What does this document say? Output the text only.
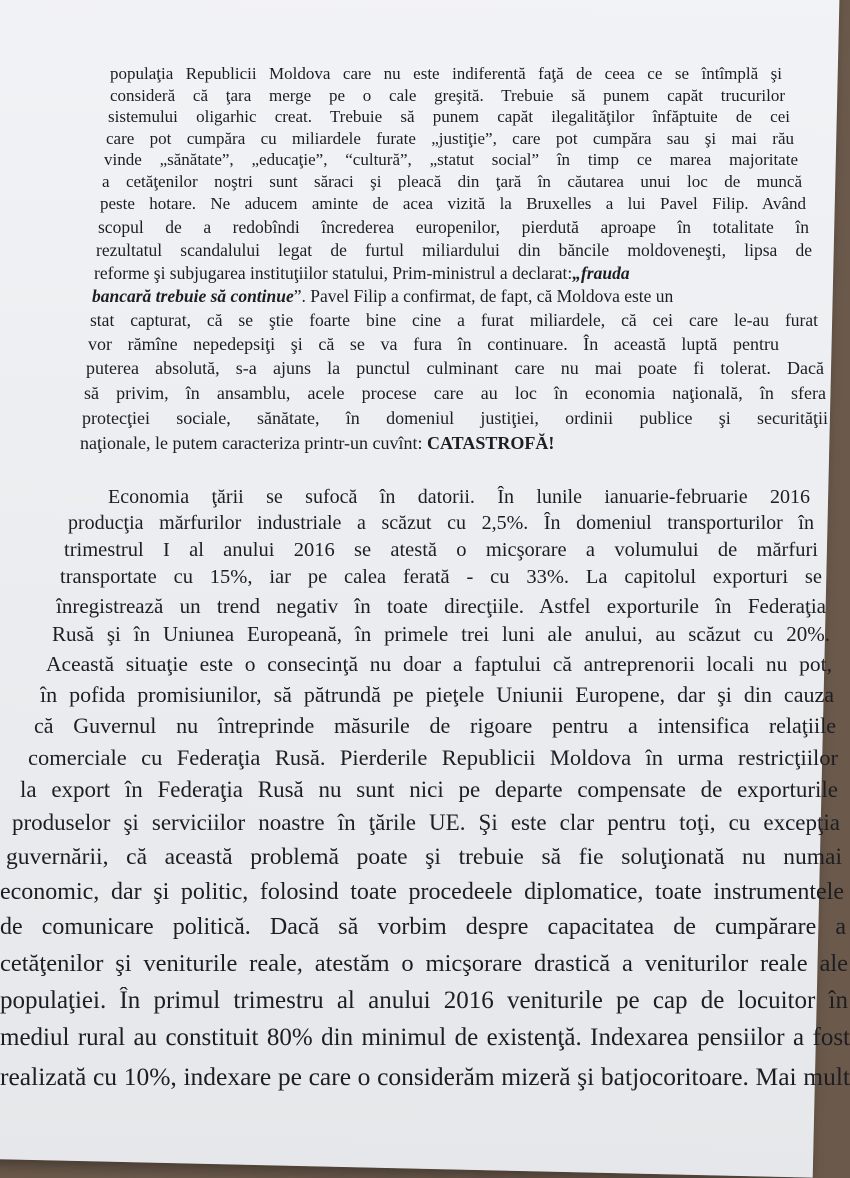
populaţia Republicii Moldova care nu este indiferentă faţă de ceea ce se întîmplă şi
consideră că ţara merge pe o cale greşită. Trebuie să punem capăt trucurilor
sistemului oligarhic creat. Trebuie să punem capăt ilegalităţilor înfăptuite de cei
care pot cumpăra cu miliardele furate „justiţie”, care pot cumpăra sau şi mai rău
vinde „sănătate”, „educaţie”, “cultură”, „statut social” în timp ce marea majoritate
a cetăţenilor noştri sunt săraci şi pleacă din ţară în căutarea unui loc de muncă
peste hotare. Ne aducem aminte de acea vizită la Bruxelles a lui Pavel Filip. Având
scopul de a redobîndi încrederea europenilor, pierdută aproape în totalitate în
rezultatul scandalului legat de furtul miliardului din băncile moldoveneşti, lipsa de
reforme şi subjugarea instituţiilor statului, Prim-ministrul a declarat:„frauda
bancară trebuie să continue”. Pavel Filip a confirmat, de fapt, că Moldova este un
stat capturat, că se ştie foarte bine cine a furat miliardele, că cei care le-au furat
vor rămîne nepedepsiţi şi că se va fura în continuare. În această luptă pentru
puterea absolută, s-a ajuns la punctul culminant care nu mai poate fi tolerat. Dacă
să privim, în ansamblu, acele procese care au loc în economia naţională, în sfera
protecţiei sociale, sănătate, în domeniul justiţiei, ordinii publice şi securităţii
naţionale, le putem caracteriza printr-un cuvînt: CATASTROFĂ!
Economia ţării se sufocă în datorii. În lunile ianuarie-februarie 2016
producţia mărfurilor industriale a scăzut cu 2,5%. În domeniul transporturilor în
trimestrul I al anului 2016 se atestă o micşorare a volumului de mărfuri
transportate cu 15%, iar pe calea ferată - cu 33%. La capitolul exporturi se
înregistrează un trend negativ în toate direcţiile. Astfel exporturile în Federaţia
Rusă şi în Uniunea Europeană, în primele trei luni ale anului, au scăzut cu 20%.
Această situaţie este o consecinţă nu doar a faptului că antreprenorii locali nu pot,
în pofida promisiunilor, să pătrundă pe pieţele Uniunii Europene, dar şi din cauza
că Guvernul nu întreprinde măsurile de rigoare pentru a intensifica relaţiile
comerciale cu Federaţia Rusă. Pierderile Republicii Moldova în urma restricţiilor
la export în Federaţia Rusă nu sunt nici pe departe compensate de exporturile
produselor şi serviciilor noastre în ţările UE. Şi este clar pentru toţi, cu excepţia
guvernării, că această problemă poate şi trebuie să fie soluţionată nu numai
economic, dar şi politic, folosind toate procedeele diplomatice, toate instrumentele
de comunicare politică. Dacă să vorbim despre capacitatea de cumpărare a
cetăţenilor şi veniturile reale, atestăm o micşorare drastică a veniturilor reale ale
populaţiei. În primul trimestru al anului 2016 veniturile pe cap de locuitor în
mediul rural au constituit 80% din minimul de existenţă. Indexarea pensiilor a fost
realizată cu 10%, indexare pe care o considerăm mizeră şi batjocoritoare. Mai mult
